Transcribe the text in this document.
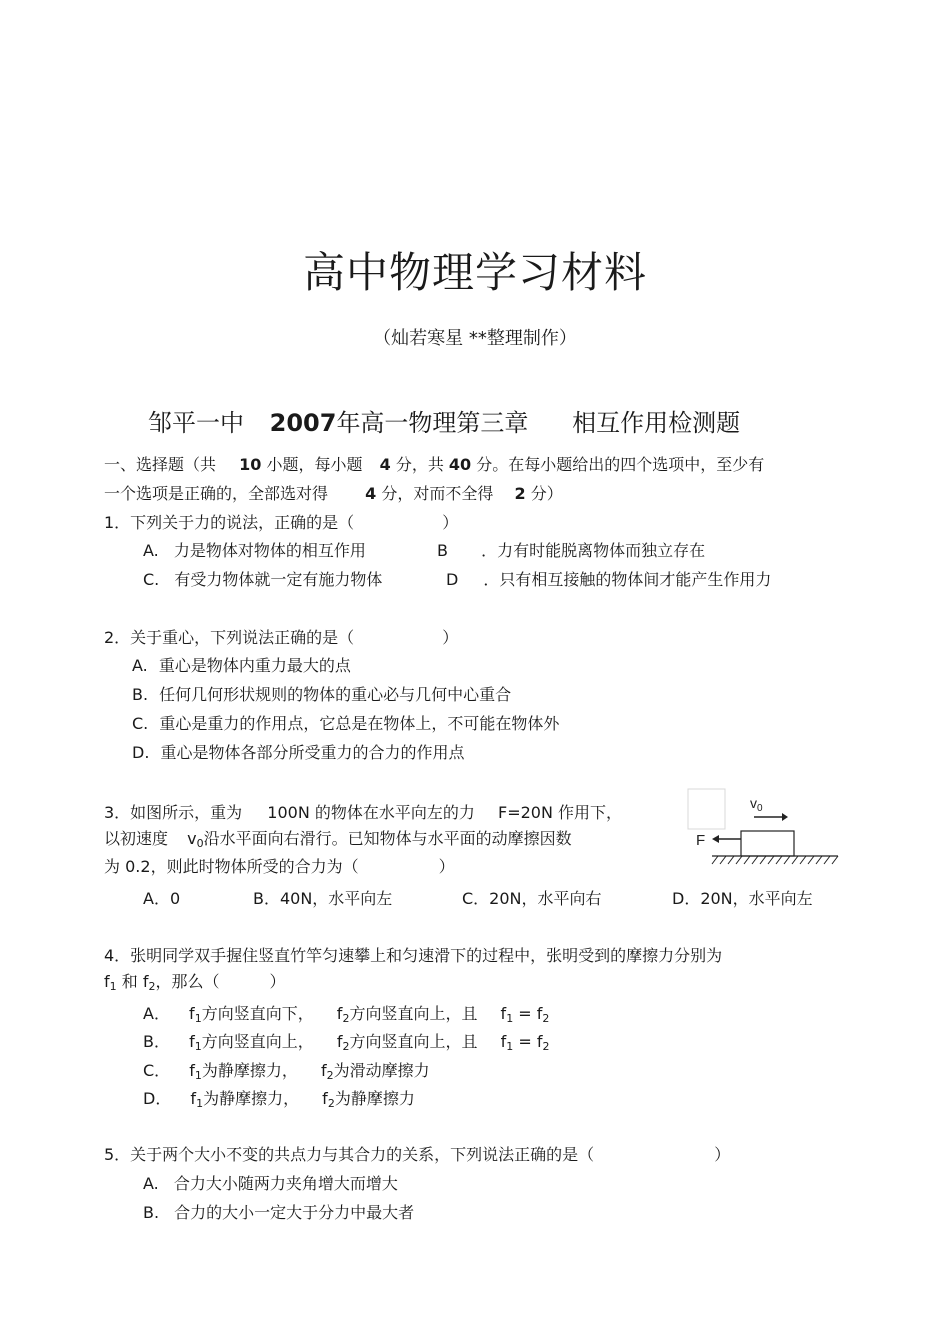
高中物理学习材料
（灿若寒星 **整理制作）
邹平一中 2007年高一物理第三章 相互作用检测题
一、选择题（共 10 小题，每小题 4 分，共 40 分。在每小题给出的四个选项中，至少有
一个选项是正确的，全部选对得 4 分，对而不全得 2 分）
1．下列关于力的说法，正确的是（	）
A. 力是物体对物体的相互作用	B ．力有时能脱离物体而独立存在
C. 有受力物体就一定有施力物体	D ．只有相互接触的物体间才能产生作用力
2．关于重心，下列说法正确的是（	）
A. 重心是物体内重力最大的点
B. 任何几何形状规则的物体的重心必与几何中心重合
C. 重心是重力的作用点，它总是在物体上，不可能在物体外
D. 重心是物体各部分所受重力的合力的作用点
3．如图所示，重为 100N 的物体在水平向左的力 F=20N 作用下，
以初速度 $v_0$沿水平面向右滑行。已知物体与水平面的动摩擦因数
为 0.2，则此时物体所受的合力为（	）
A．0	B．40N，水平向左	C．20N，水平向右	D．20N，水平向左
$v_0$
F
4．张明同学双手握住竖直竹竿匀速攀上和匀速滑下的过程中，张明受到的摩擦力分别为
$f_1$ 和 $f_2$，那么（	）
A． $f_1$方向竖直向下， $f_2$方向竖直向上，且 $f_1 = f_2$
B． $f_1$方向竖直向上， $f_2$方向竖直向上，且 $f_1 = f_2$
C． $f_1$为静摩擦力， $f_2$为滑动摩擦力
D． $f_1$为静摩擦力， $f_2$为静摩擦力
5．关于两个大小不变的共点力与其合力的关系，下列说法正确的是（	）
A. 合力大小随两力夹角增大而增大
B. 合力的大小一定大于分力中最大者
